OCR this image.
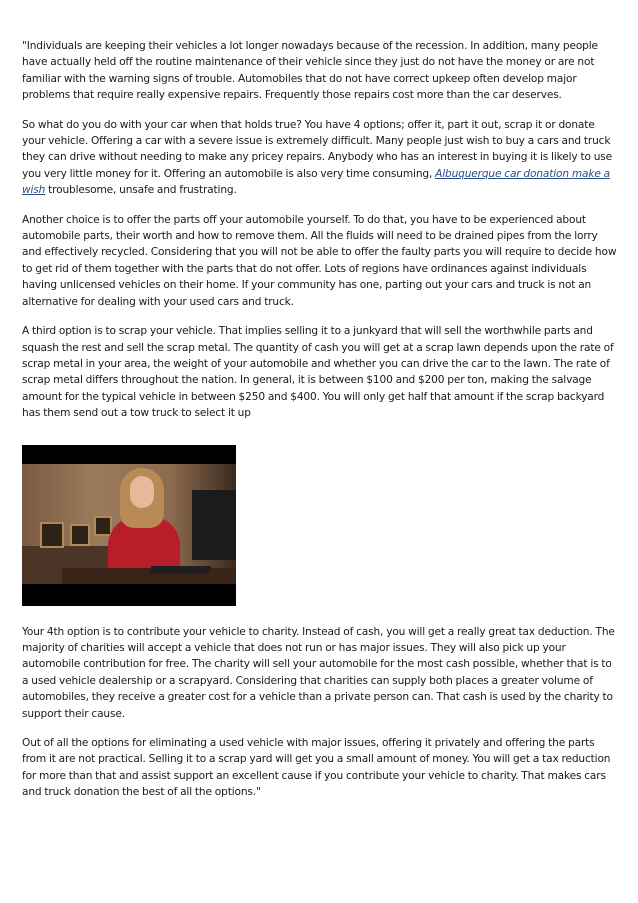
"Individuals are keeping their vehicles a lot longer nowadays because of the recession. In addition, many people have actually held off the routine maintenance of their vehicle since they just do not have the money or are not familiar with the warning signs of trouble. Automobiles that do not have correct upkeep often develop major problems that require really expensive repairs. Frequently those repairs cost more than the car deserves.

So what do you do with your car when that holds true? You have 4 options; offer it, part it out, scrap it or donate your vehicle. Offering a car with a severe issue is extremely difficult. Many people just wish to buy a cars and truck they can drive without needing to make any pricey repairs. Anybody who has an interest in buying it is likely to use you very little money for it. Offering an automobile is also very time consuming, Albuquerque car donation make a wish troublesome, unsafe and frustrating.

Another choice is to offer the parts off your automobile yourself. To do that, you have to be experienced about automobile parts, their worth and how to remove them. All the fluids will need to be drained pipes from the lorry and effectively recycled. Considering that you will not be able to offer the faulty parts you will require to decide how to get rid of them together with the parts that do not offer. Lots of regions have ordinances against individuals having unlicensed vehicles on their home. If your community has one, parting out your cars and truck is not an alternative for dealing with your used cars and truck.

A third option is to scrap your vehicle. That implies selling it to a junkyard that will sell the worthwhile parts and squash the rest and sell the scrap metal. The quantity of cash you will get at a scrap lawn depends upon the rate of scrap metal in your area, the weight of your automobile and whether you can drive the car to the lawn. The rate of scrap metal differs throughout the nation. In general, it is between $100 and $200 per ton, making the salvage amount for the typical vehicle in between $250 and $400. You will only get half that amount if the scrap backyard has them send out a tow truck to select it up

Your 4th option is to contribute your vehicle to charity. Instead of cash, you will get a really great tax deduction. The majority of charities will accept a vehicle that does not run or has major issues. They will also pick up your automobile contribution for free. The charity will sell your automobile for the most cash possible, whether that is to a used vehicle dealership or a scrapyard. Considering that charities can supply both places a greater volume of automobiles, they receive a greater cost for a vehicle than a private person can. That cash is used by the charity to support their cause.

Out of all the options for eliminating a used vehicle with major issues, offering it privately and offering the parts from it are not practical. Selling it to a scrap yard will get you a small amount of money. You will get a tax reduction for more than that and assist support an excellent cause if you contribute your vehicle to charity. That makes cars and truck donation the best of all the options."
